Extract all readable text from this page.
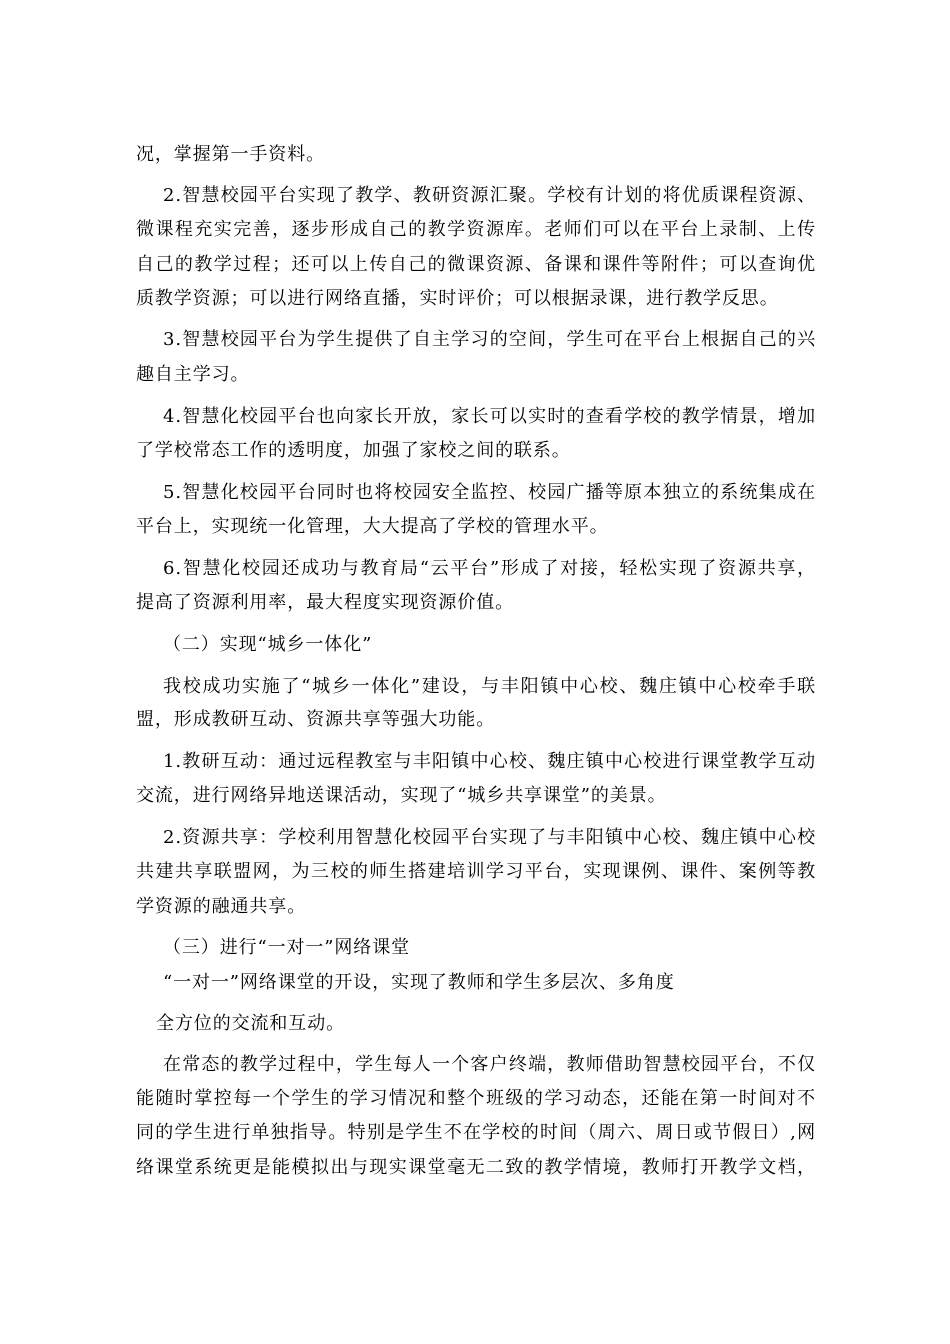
况，掌握第一手资料。
2.智慧校园平台实现了教学、教研资源汇聚。学校有计划的将优质课程资源、
微课程充实完善，逐步形成自己的教学资源库。老师们可以在平台上录制、上传
自己的教学过程；还可以上传自己的微课资源、备课和课件等附件；可以查询优
质教学资源；可以进行网络直播，实时评价；可以根据录课，进行教学反思。
3.智慧校园平台为学生提供了自主学习的空间，学生可在平台上根据自己的兴
趣自主学习。
4.智慧化校园平台也向家长开放，家长可以实时的查看学校的教学情景，增加
了学校常态工作的透明度，加强了家校之间的联系。
5.智慧化校园平台同时也将校园安全监控、校园广播等原本独立的系统集成在
平台上，实现统一化管理，大大提高了学校的管理水平。
6.智慧化校园还成功与教育局“云平台”形成了对接，轻松实现了资源共享，
提高了资源利用率，最大程度实现资源价值。
（二）实现“城乡一体化”
我校成功实施了“城乡一体化”建设，与丰阳镇中心校、魏庄镇中心校牵手联
盟，形成教研互动、资源共享等强大功能。
1.教研互动：通过远程教室与丰阳镇中心校、魏庄镇中心校进行课堂教学互动
交流，进行网络异地送课活动，实现了“城乡共享课堂”的美景。
2.资源共享：学校利用智慧化校园平台实现了与丰阳镇中心校、魏庄镇中心校
共建共享联盟网，为三校的师生搭建培训学习平台，实现课例、课件、案例等教
学资源的融通共享。
（三）进行“一对一”网络课堂
“一对一”网络课堂的开设，实现了教师和学生多层次、多角度
全方位的交流和互动。
在常态的教学过程中，学生每人一个客户终端，教师借助智慧校园平台，不仅
能随时掌控每一个学生的学习情况和整个班级的学习动态，还能在第一时间对不
同的学生进行单独指导。特别是学生不在学校的时间（周六、周日或节假日）,网
络课堂系统更是能模拟出与现实课堂毫无二致的教学情境，教师打开教学文档，
